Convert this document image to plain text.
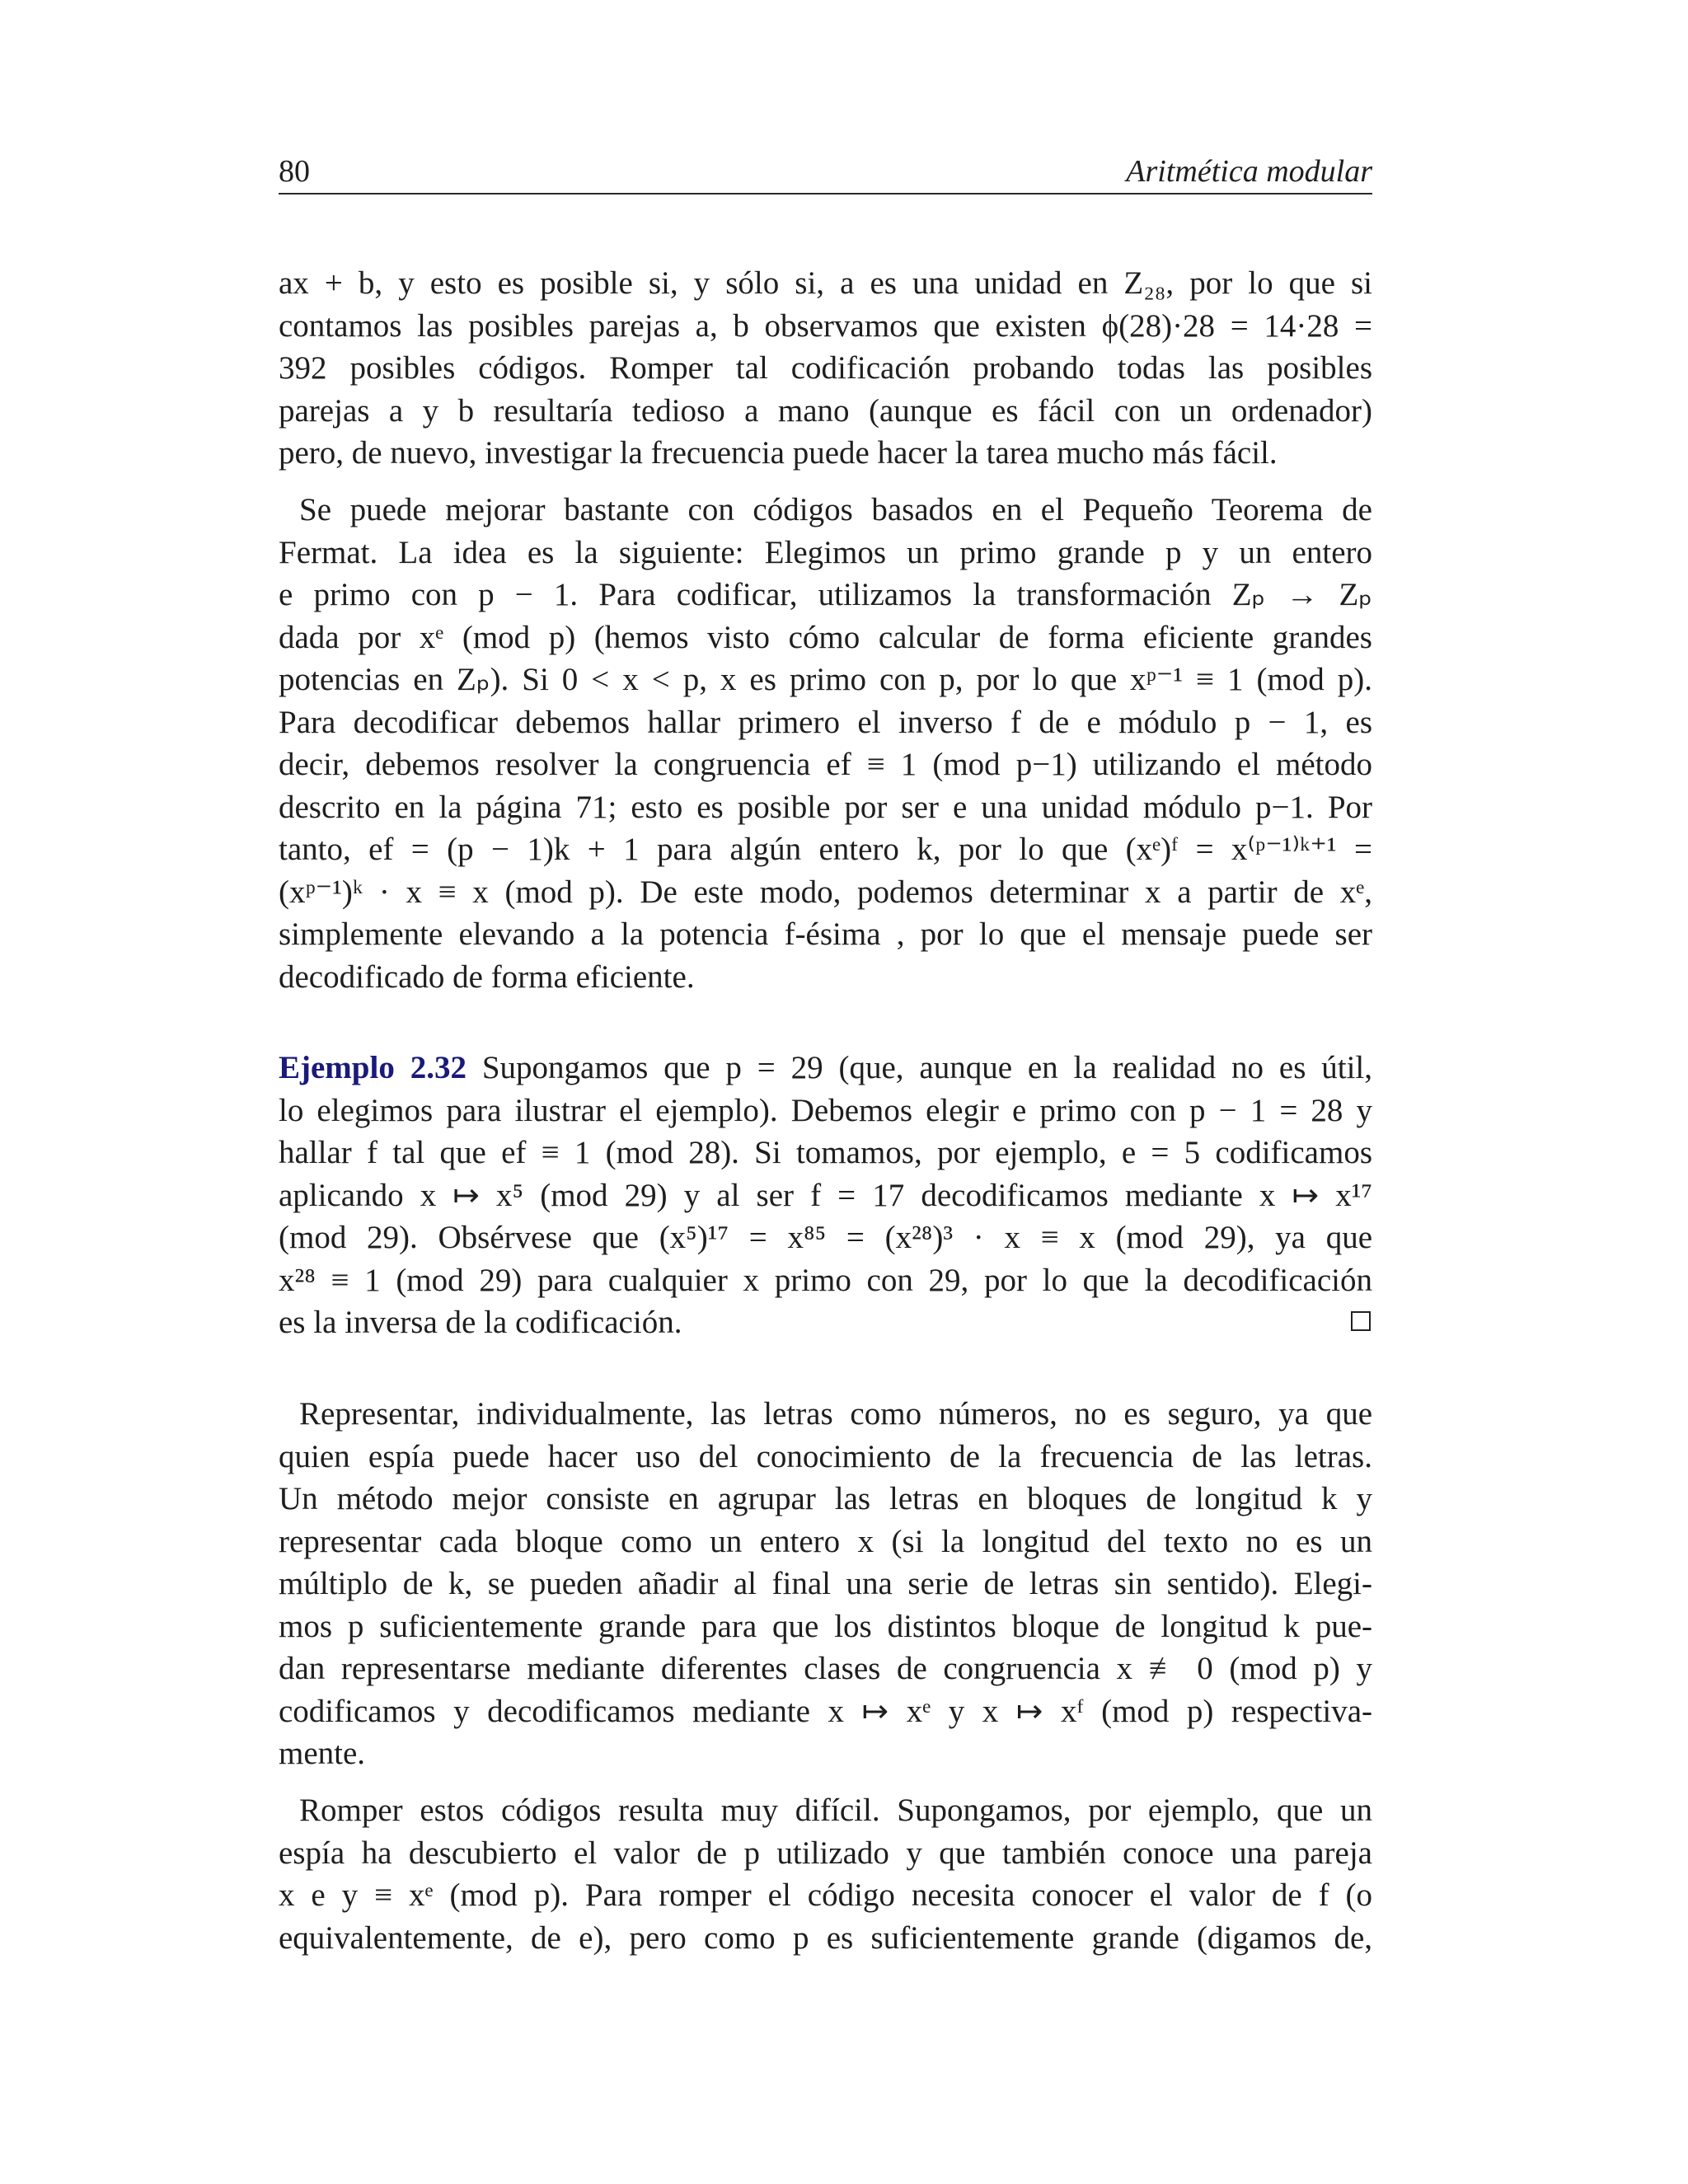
80	Aritmética modular
ax + b, y esto es posible si, y sólo si, a es una unidad en Z₂₈, por lo que si
contamos las posibles parejas a, b observamos que existen ϕ(28)·28 = 14·28 =
392 posibles códigos. Romper tal codificación probando todas las posibles
parejas a y b resultaría tedioso a mano (aunque es fácil con un ordenador)
pero, de nuevo, investigar la frecuencia puede hacer la tarea mucho más fácil.
Se puede mejorar bastante con códigos basados en el Pequeño Teorema de
Fermat. La idea es la siguiente: Elegimos un primo grande p y un entero
e primo con p − 1. Para codificar, utilizamos la transformación Zₚ → Zₚ
dada por xᵉ (mod p) (hemos visto cómo calcular de forma eficiente grandes
potencias en Zₚ). Si 0 < x < p, x es primo con p, por lo que xᵖ⁻¹ ≡ 1 (mod p).
Para decodificar debemos hallar primero el inverso f de e módulo p − 1, es
decir, debemos resolver la congruencia ef ≡ 1 (mod p−1) utilizando el método
descrito en la página 71; esto es posible por ser e una unidad módulo p−1. Por
tanto, ef = (p − 1)k + 1 para algún entero k, por lo que (xᵉ)ᶠ = x⁽ᵖ⁻¹⁾ᵏ⁺¹ =
(xᵖ⁻¹)ᵏ · x ≡ x (mod p). De este modo, podemos determinar x a partir de xᵉ,
simplemente elevando a la potencia f-ésima , por lo que el mensaje puede ser
decodificado de forma eficiente.
Ejemplo 2.32 Supongamos que p = 29 (que, aunque en la realidad no es útil,
lo elegimos para ilustrar el ejemplo). Debemos elegir e primo con p − 1 = 28 y
hallar f tal que ef ≡ 1 (mod 28). Si tomamos, por ejemplo, e = 5 codificamos
aplicando x ↦ x⁵ (mod 29) y al ser f = 17 decodificamos mediante x ↦ x¹⁷
(mod 29). Obsérvese que (x⁵)¹⁷ = x⁸⁵ = (x²⁸)³ · x ≡ x (mod 29), ya que
x²⁸ ≡ 1 (mod 29) para cualquier x primo con 29, por lo que la decodificación
es la inversa de la codificación.
Representar, individualmente, las letras como números, no es seguro, ya que
quien espía puede hacer uso del conocimiento de la frecuencia de las letras.
Un método mejor consiste en agrupar las letras en bloques de longitud k y
representar cada bloque como un entero x (si la longitud del texto no es un
múltiplo de k, se pueden añadir al final una serie de letras sin sentido). Elegi-
mos p suficientemente grande para que los distintos bloque de longitud k pue-
dan representarse mediante diferentes clases de congruencia x ≢ 0 (mod p) y
codificamos y decodificamos mediante x ↦ xᵉ y x ↦ xᶠ (mod p) respectiva-
mente.
Romper estos códigos resulta muy difícil. Supongamos, por ejemplo, que un
espía ha descubierto el valor de p utilizado y que también conoce una pareja
x e y ≡ xᵉ (mod p). Para romper el código necesita conocer el valor de f (o
equivalentemente, de e), pero como p es suficientemente grande (digamos de,
